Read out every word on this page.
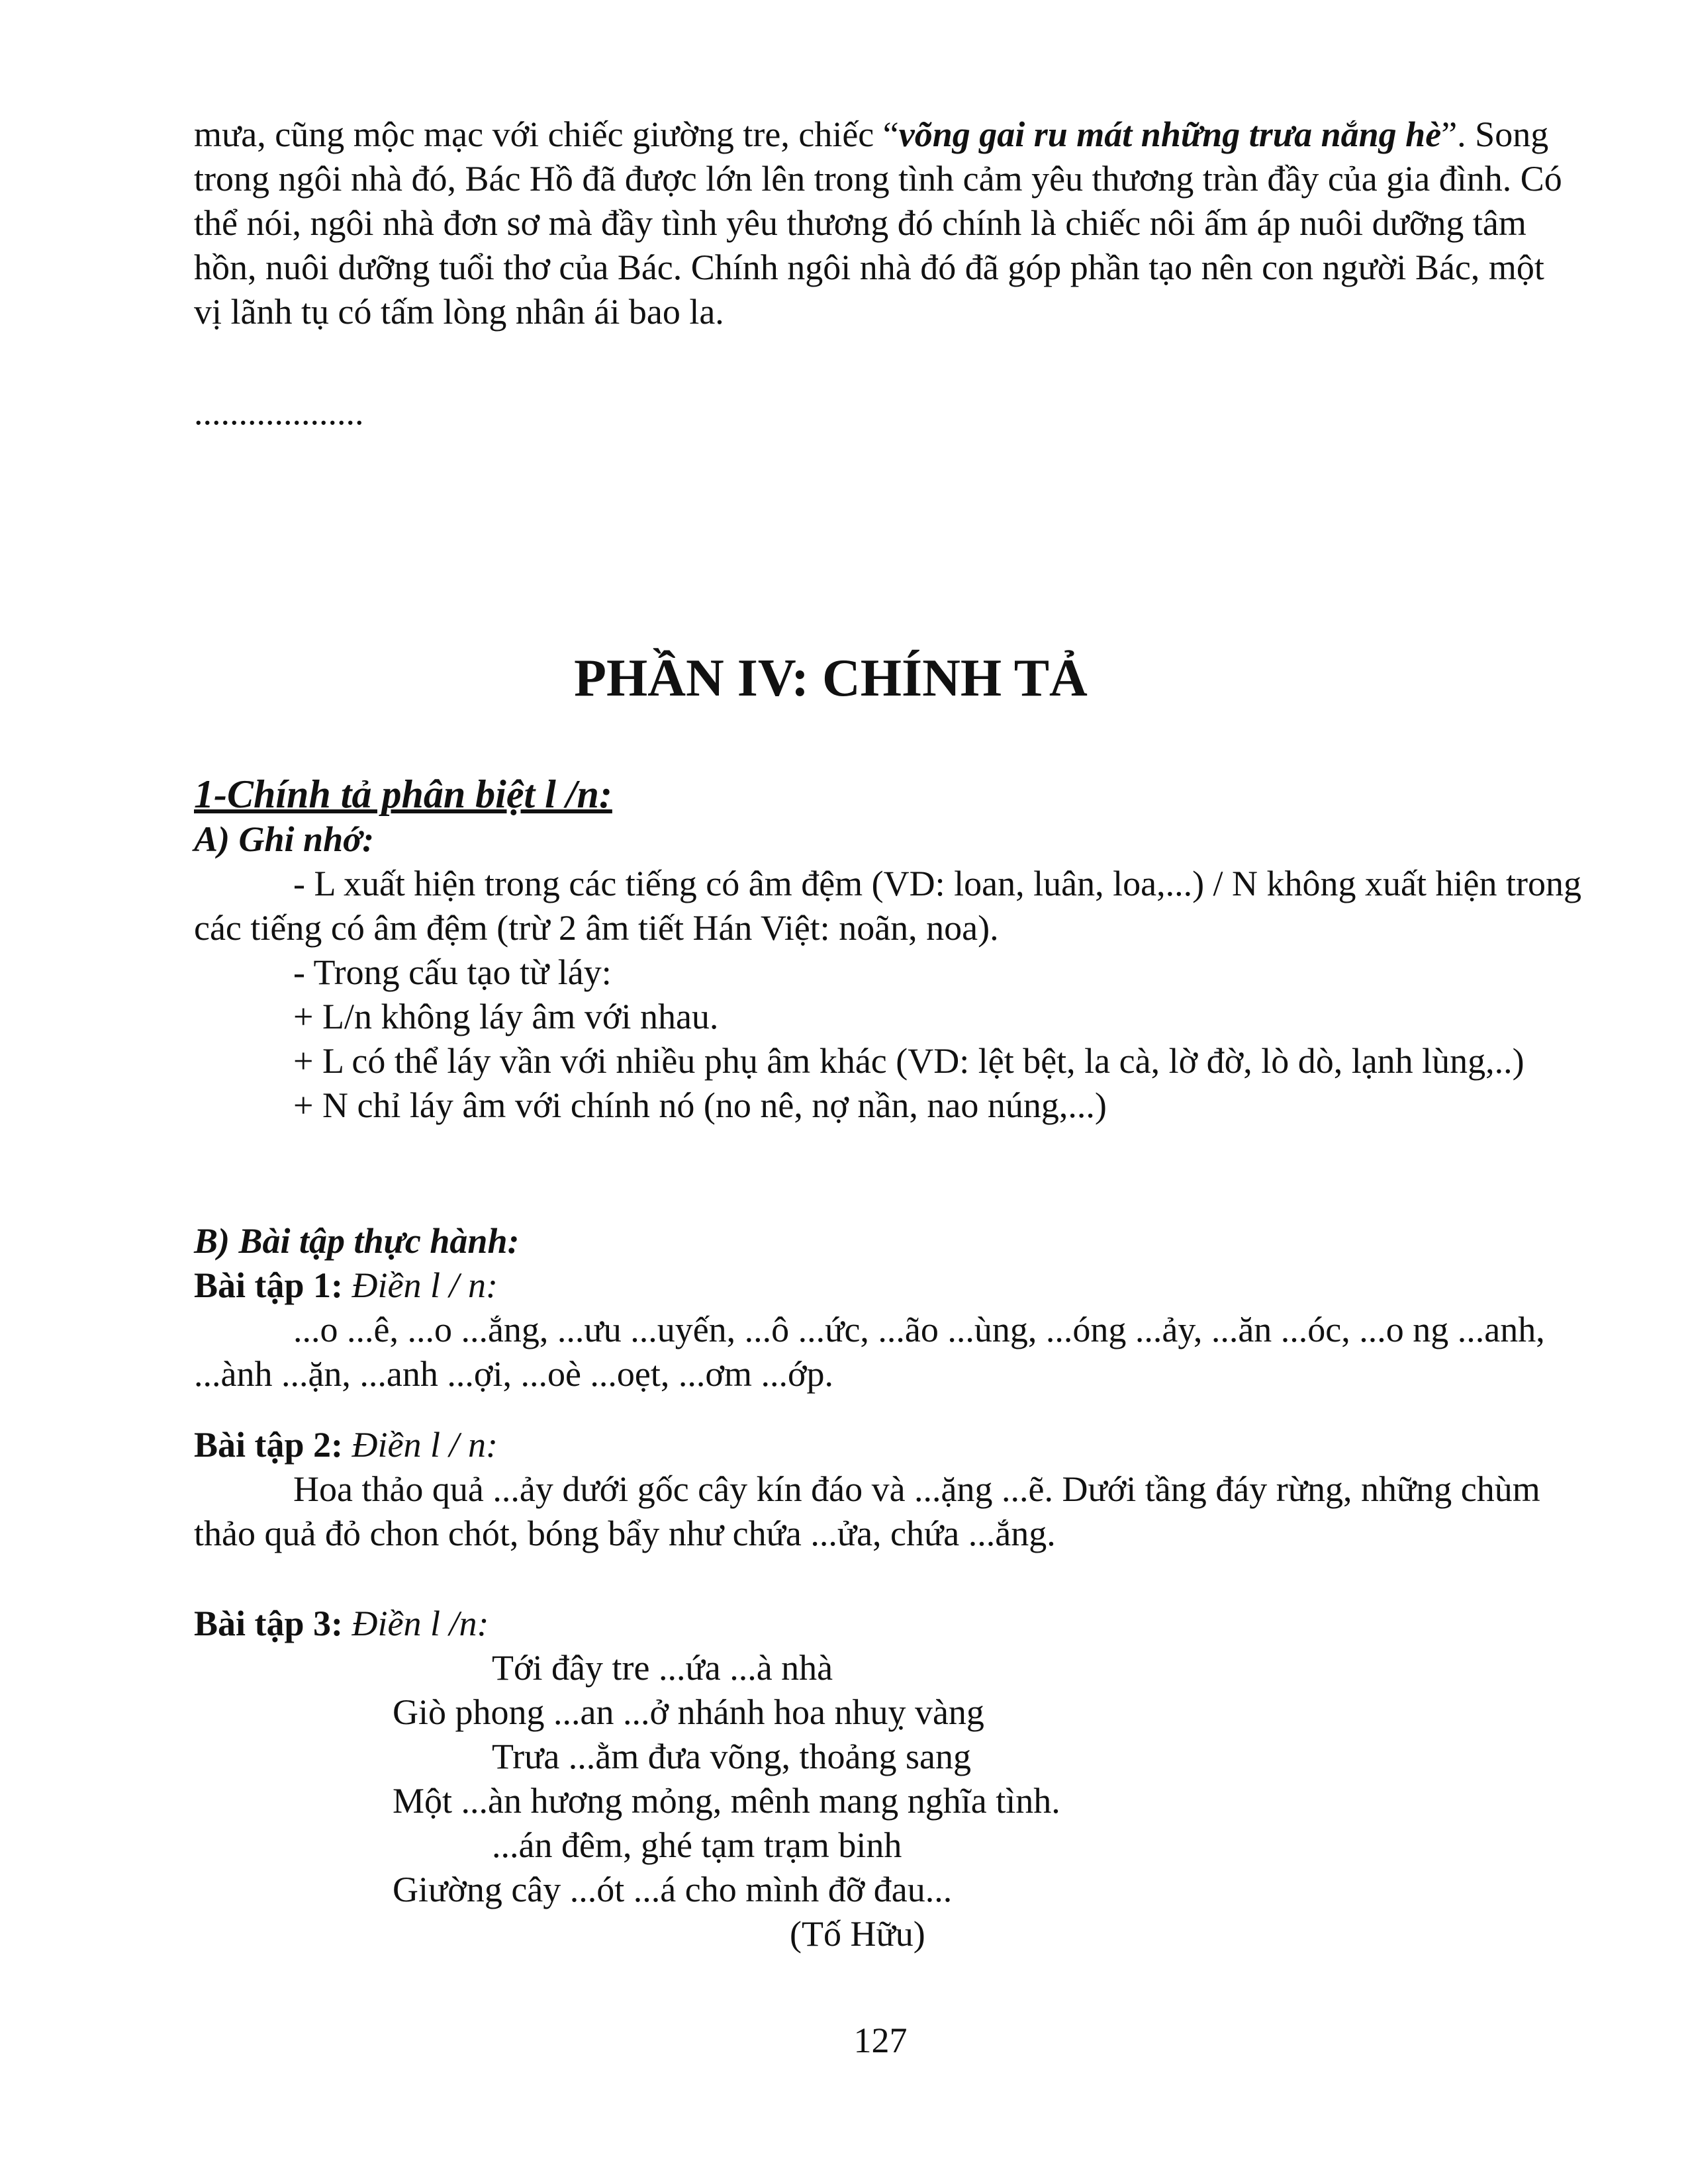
mưa, cũng mộc mạc với chiếc giường tre, chiếc “võng gai ru mát những trưa nắng hè”. Song trong ngôi nhà đó, Bác Hồ đã được lớn lên trong tình cảm yêu thương tràn đầy của gia đình. Có thể nói, ngôi nhà đơn sơ mà đầy tình yêu thương đó chính là chiếc nôi ấm áp nuôi dưỡng tâm hồn, nuôi dưỡng tuổi thơ của Bác. Chính ngôi nhà đó đã góp phần tạo nên con người Bác, một vị lãnh tụ có tấm lòng nhân ái bao la.

...................
PHẦN IV: CHÍNH TẢ

1-Chính tả phân biệt l /n:

A) Ghi nhớ:

- L xuất hiện trong các tiếng có âm đệm (VD: loan, luân, loa,...) / N không xuất hiện trong các tiếng có âm đệm (trừ 2 âm tiết Hán Việt: noãn, noa).

- Trong cấu tạo từ láy:

+ L/n không láy âm với nhau.

+ L có thể láy vần với nhiều phụ âm khác (VD: lệt bệt, la cà, lờ đờ, lò dò, lạnh lùng,..)

+ N chỉ láy âm với chính nó (no nê, nợ nần, nao núng,...)

B) Bài tập thực hành:

Bài tập 1: Điền l / n:

...o ...ê, ...o ...ắng, ...ưu ...uyến, ...ô ...ức, ...ão ...ùng, ...óng ...ảy, ...ăn ...óc, ...o ng ...anh, ...ành ...ặn, ...anh ...ợi, ...oè ...oẹt, ...ơm ...ớp.

Bài tập 2: Điền l / n:

Hoa thảo quả ...ảy dưới gốc cây kín đáo và ...ặng ...ẽ. Dưới tầng đáy rừng, những chùm thảo quả đỏ chon chót, bóng bẩy như chứa ...ửa, chứa ...ắng.

Bài tập 3: Điền l /n:

Tới đây tre ...ứa ...à nhà

Giò phong ...an ...ở nhánh hoa nhuỵ vàng

Trưa ...ằm đưa võng, thoảng sang

Một ...àn hương mỏng, mênh mang nghĩa tình.

...án đêm, ghé tạm trạm binh

Giường cây ...ót ...á cho mình đỡ đau...

(Tố Hữu)

127
